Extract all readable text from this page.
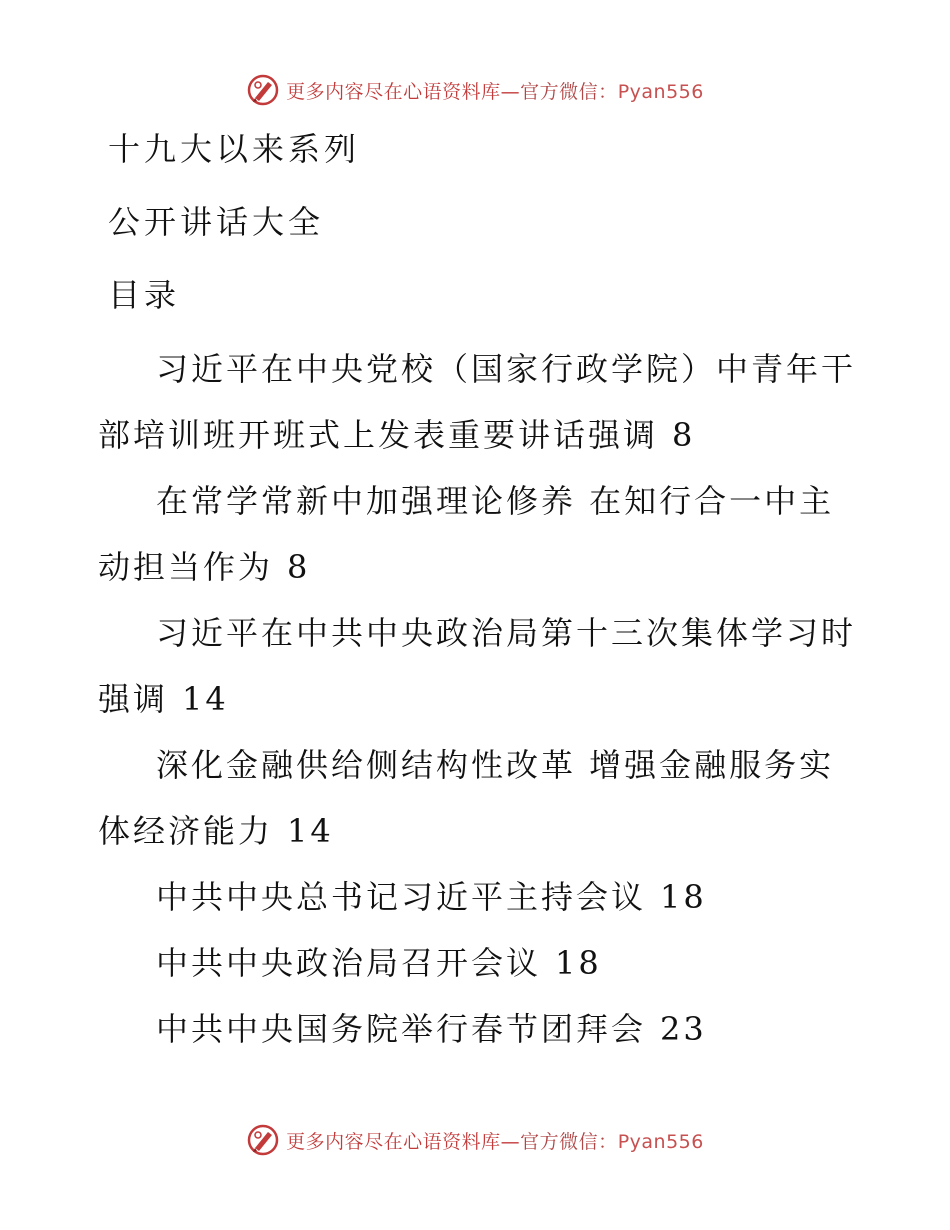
更多内容尽在心语资料库—官方微信：Pyan556
十九大以来系列
公开讲话大全
目录

习近平在中央党校（国家行政学院）中青年干部培训班开班式上发表重要讲话强调 8

在常学常新中加强理论修养 在知行合一中主动担当作为 8

习近平在中共中央政治局第十三次集体学习时强调 14

深化金融供给侧结构性改革 增强金融服务实体经济能力 14

中共中央总书记习近平主持会议 18

中共中央政治局召开会议 18

中共中央国务院举行春节团拜会 23

更多内容尽在心语资料库—官方微信：Pyan556
